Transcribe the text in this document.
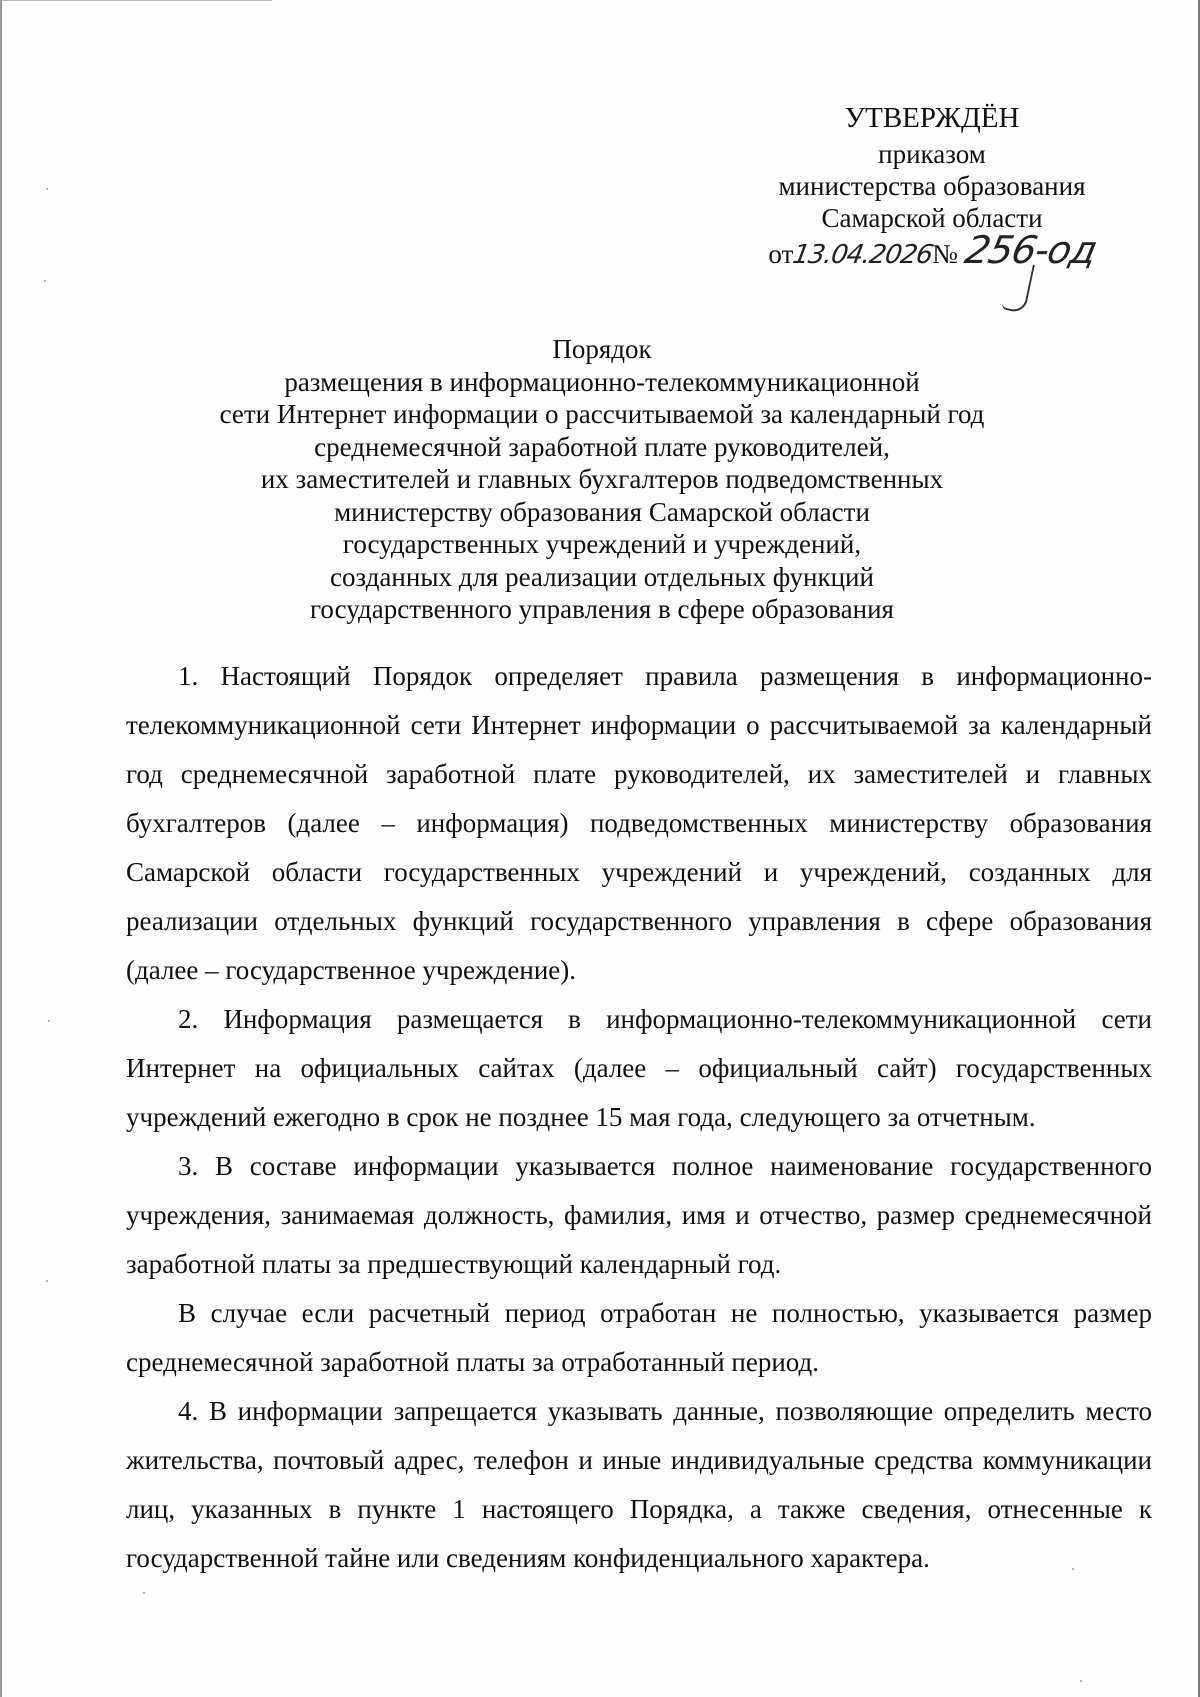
УТВЕРЖДЁН
приказом
министерства образования
Самарской области
от13.04.2026№256-од
Порядок
размещения в информационно-телекоммуникационной
сети Интернет информации о рассчитываемой за календарный год
среднемесячной заработной плате руководителей,
их заместителей и главных бухгалтеров подведомственных
министерству образования Самарской области
государственных учреждений и учреждений,
созданных для реализации отдельных функций
государственного управления в сфере образования

1. Настоящий Порядок определяет правила размещения в информационно-телекоммуникационной сети Интернет информации о рассчитываемой за календарный год среднемесячной заработной плате руководителей, их заместителей и главных бухгалтеров (далее – информация) подведомственных министерству образования Самарской области государственных учреждений и учреждений, созданных для реализации отдельных функций государственного управления в сфере образования (далее – государственное учреждение).

2. Информация размещается в информационно-телекоммуникационной сети Интернет на официальных сайтах (далее – официальный сайт) государственных учреждений ежегодно в срок не позднее 15 мая года, следующего за отчетным.

3. В составе информации указывается полное наименование государственного учреждения, занимаемая должность, фамилия, имя и отчество, размер среднемесячной заработной платы за предшествующий календарный год.

В случае если расчетный период отработан не полностью, указывается размер среднемесячной заработной платы за отработанный период.

4. В информации запрещается указывать данные, позволяющие определить место жительства, почтовый адрес, телефон и иные индивидуальные средства коммуникации лиц, указанных в пункте 1 настоящего Порядка, а также сведения, отнесенные к государственной тайне или сведениям конфиденциального характера.
